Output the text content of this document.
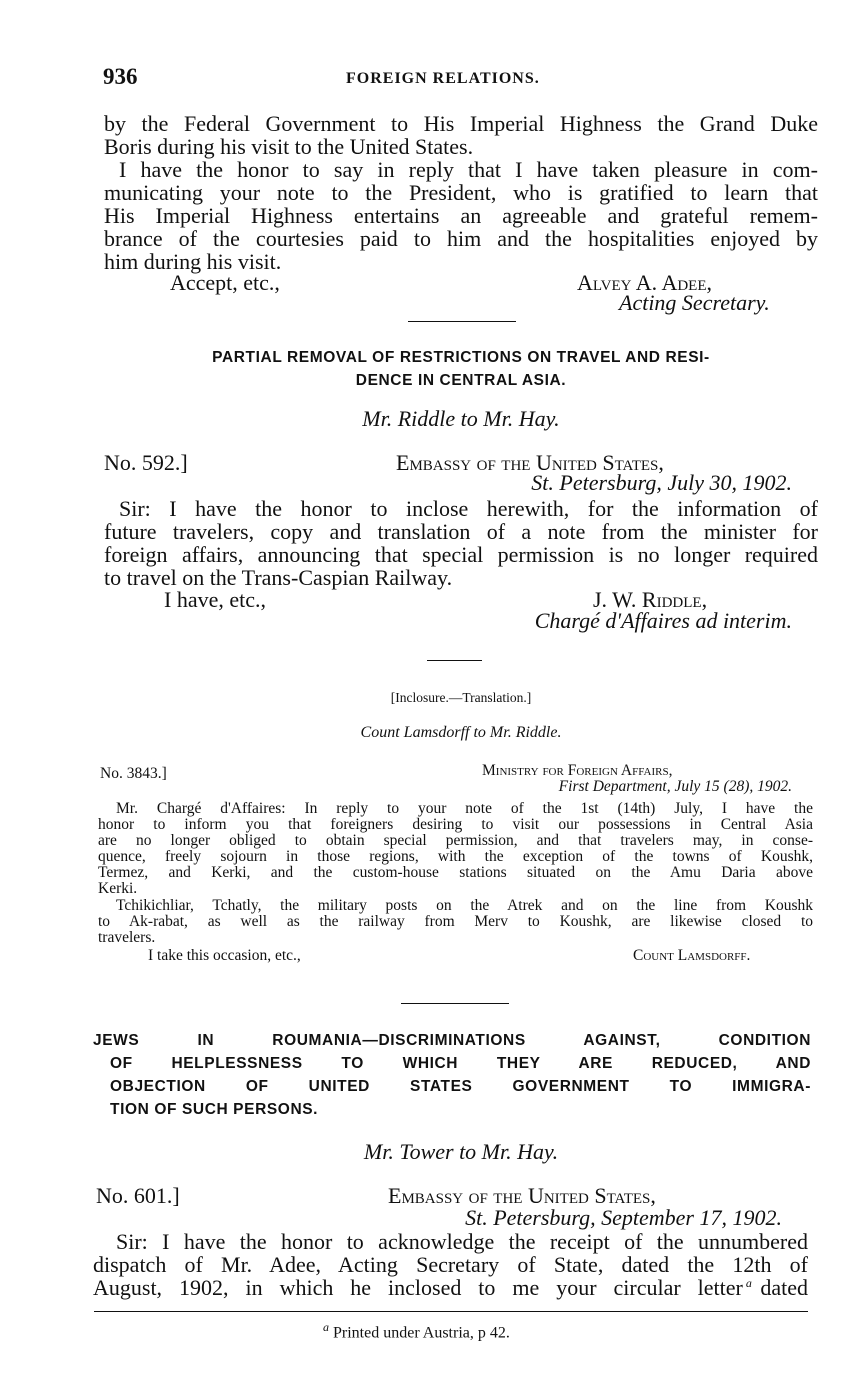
936	FOREIGN RELATIONS.
by the Federal Government to His Imperial Highness the Grand Duke
Boris during his visit to the United States.
I have the honor to say in reply that I have taken pleasure in com-
municating your note to the President, who is gratified to learn that
His Imperial Highness entertains an agreeable and grateful remem-
brance of the courtesies paid to him and the hospitalities enjoyed by
him during his visit.
Accept, etc.,	Alvey A. Adee,
Acting Secretary.
PARTIAL REMOVAL OF RESTRICTIONS ON TRAVEL AND RESI-
DENCE IN CENTRAL ASIA.
Mr. Riddle to Mr. Hay.
No. 592.]	Embassy of the United States,
St. Petersburg, July 30, 1902.
Sir: I have the honor to inclose herewith, for the information of
future travelers, copy and translation of a note from the minister for
foreign affairs, announcing that special permission is no longer required
to travel on the Trans-Caspian Railway.
I have, etc.,	J. W. Riddle,
Chargé d'Affaires ad interim.
[Inclosure.—Translation.]
Count Lamsdorff to Mr. Riddle.
No. 3843.]	Ministry for Foreign Affairs,
First Department, July 15 (28), 1902.
Mr. Chargé d'Affaires: In reply to your note of the 1st (14th) July, I have the
honor to inform you that foreigners desiring to visit our possessions in Central Asia
are no longer obliged to obtain special permission, and that travelers may, in conse-
quence, freely sojourn in those regions, with the exception of the towns of Koushk,
Termez, and Kerki, and the custom-house stations situated on the Amu Daria above
Kerki.
Tchikichliar, Tchatly, the military posts on the Atrek and on the line from Koushk
to Ak-rabat, as well as the railway from Merv to Koushk, are likewise closed to
travelers.
I take this occasion, etc.,	Count Lamsdorff.
JEWS IN ROUMANIA—DISCRIMINATIONS AGAINST, CONDITION
OF HELPLESSNESS TO WHICH THEY ARE REDUCED, AND
OBJECTION OF UNITED STATES GOVERNMENT TO IMMIGRA-
TION OF SUCH PERSONS.
Mr. Tower to Mr. Hay.
No. 601.]	Embassy of the United States,
St. Petersburg, September 17, 1902.
Sir: I have the honor to acknowledge the receipt of the unnumbered
dispatch of Mr. Adee, Acting Secretary of State, dated the 12th of
August, 1902, in which he inclosed to me your circular letter a dated
$^a$ Printed under Austria, p 42.
